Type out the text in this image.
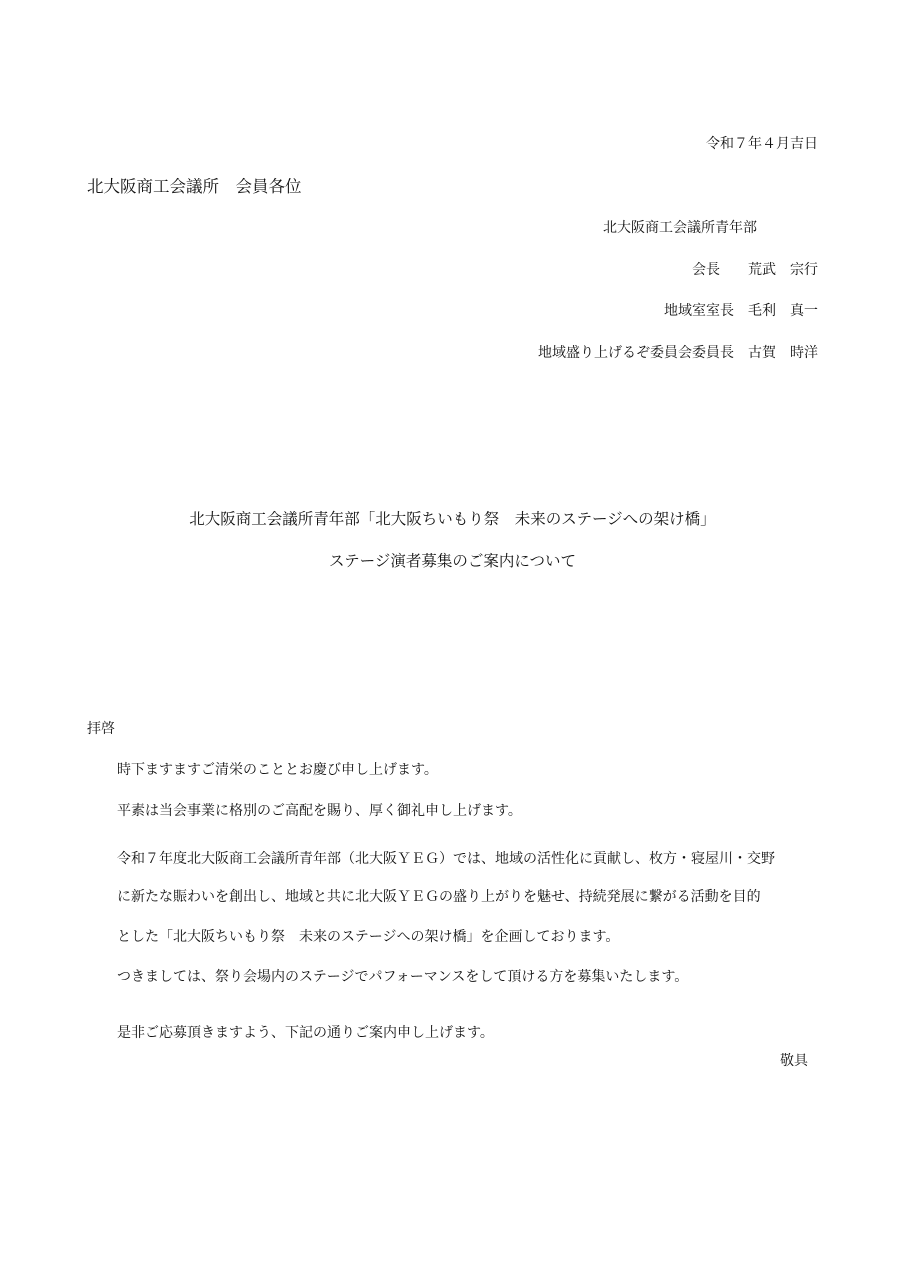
令和７年４月吉日
北大阪商工会議所　会員各位
北大阪商工会議所青年部
会長　　荒武　宗行
地域室室長　毛利　真一
地域盛り上げるぞ委員会委員長　古賀　時洋
北大阪商工会議所青年部「北大阪ちいもり祭　未来のステージへの架け橋」
ステージ演者募集のご案内について
拝啓
時下ますますご清栄のこととお慶び申し上げます。
平素は当会事業に格別のご高配を賜り、厚く御礼申し上げます。
令和７年度北大阪商工会議所青年部（北大阪ＹＥＧ）では、地域の活性化に貢献し、枚方・寝屋川・交野
に新たな賑わいを創出し、地域と共に北大阪ＹＥＧの盛り上がりを魅せ、持続発展に繋がる活動を目的
とした「北大阪ちいもり祭　未来のステージへの架け橋」を企画しております。
つきましては、祭り会場内のステージでパフォーマンスをして頂ける方を募集いたします。
是非ご応募頂きますよう、下記の通りご案内申し上げます。
敬具
